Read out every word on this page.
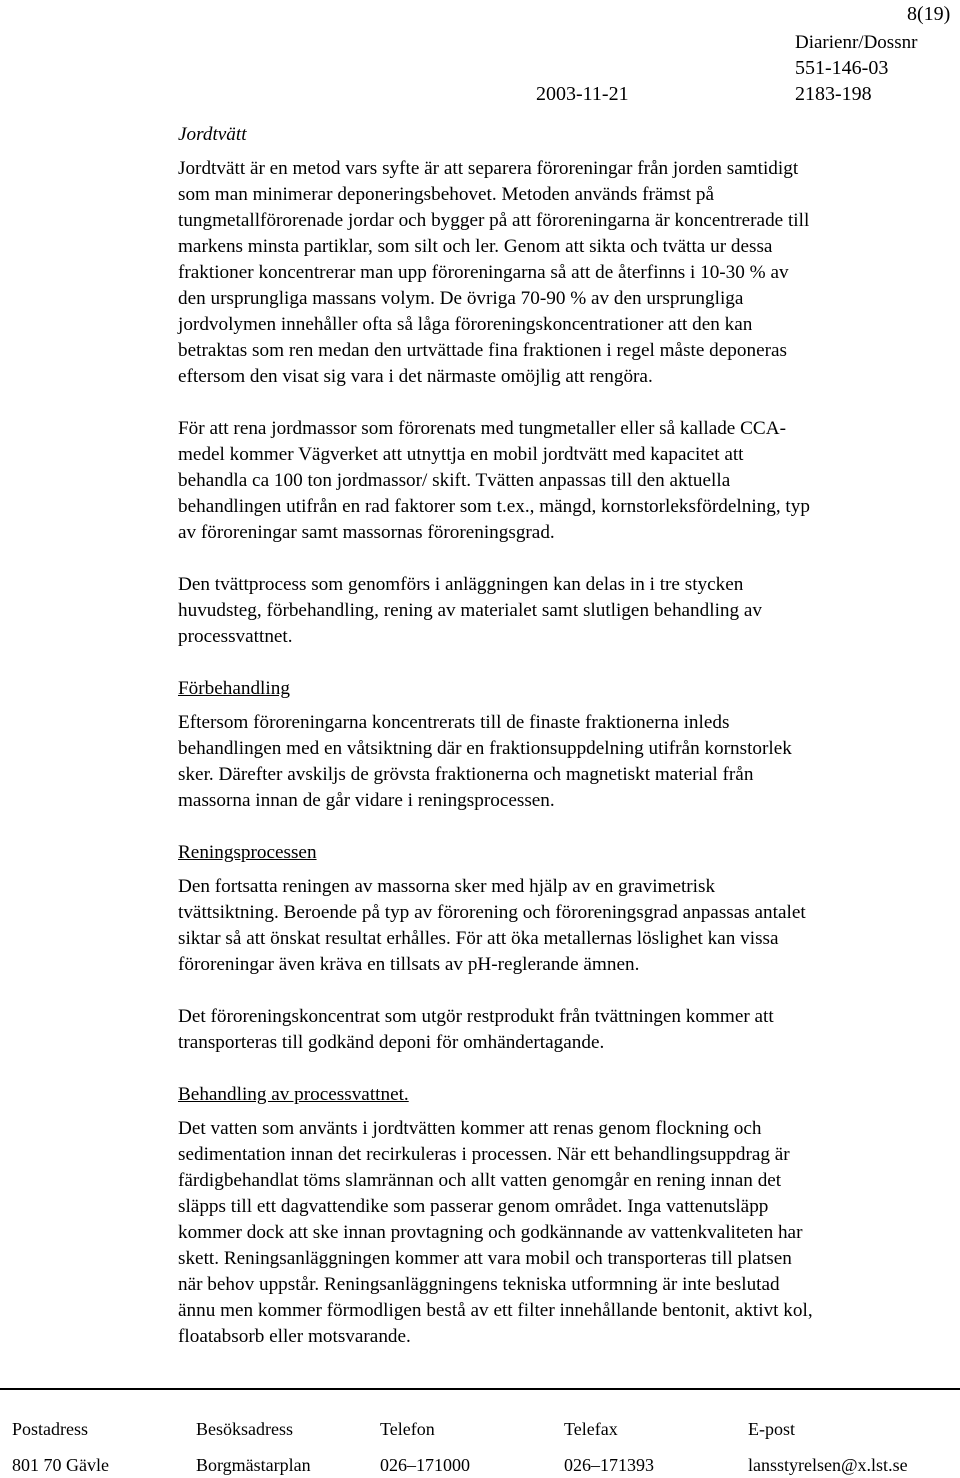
8(19)
Diarienr/Dossnr
551-146-03
2003-11-21	2183-198
Jordtvätt

Jordtvätt är en metod vars syfte är att separera föroreningar från jorden samtidigt
som man minimerar deponeringsbehovet. Metoden används främst på
tungmetallförorenade jordar och bygger på att föroreningarna är koncentrerade till
markens minsta partiklar, som silt och ler. Genom att sikta och tvätta ur dessa
fraktioner koncentrerar man upp föroreningarna så att de återfinns i 10-30 % av
den ursprungliga massans volym. De övriga 70-90 % av den ursprungliga
jordvolymen innehåller ofta så låga föroreningskoncentrationer att den kan
betraktas som ren medan den urtvättade fina fraktionen i regel måste deponeras
eftersom den visat sig vara i det närmaste omöjlig att rengöra.

För att rena jordmassor som förorenats med tungmetaller eller så kallade CCA-
medel kommer Vägverket att utnyttja en mobil jordtvätt med kapacitet att
behandla ca 100 ton jordmassor/ skift. Tvätten anpassas till den aktuella
behandlingen utifrån en rad faktorer som t.ex., mängd, kornstorleksfördelning, typ
av föroreningar samt massornas föroreningsgrad.

Den tvättprocess som genomförs i anläggningen kan delas in i tre stycken
huvudsteg, förbehandling, rening av materialet samt slutligen behandling av
processvattnet.

Förbehandling

Eftersom föroreningarna koncentrerats till de finaste fraktionerna inleds
behandlingen med en våtsiktning där en fraktionsuppdelning utifrån kornstorlek
sker. Därefter avskiljs de grövsta fraktionerna och magnetiskt material från
massorna innan de går vidare i reningsprocessen.

Reningsprocessen

Den fortsatta reningen av massorna sker med hjälp av en gravimetrisk
tvättsiktning. Beroende på typ av förorening och föroreningsgrad anpassas antalet
siktar så att önskat resultat erhålles. För att öka metallernas löslighet kan vissa
föroreningar även kräva en tillsats av pH-reglerande ämnen.

Det föroreningskoncentrat som utgör restprodukt från tvättningen kommer att
transporteras till godkänd deponi för omhändertagande.

Behandling av processvattnet.

Det vatten som använts i jordtvätten kommer att renas genom flockning och
sedimentation innan det recirkuleras i processen. När ett behandlingsuppdrag är
färdigbehandlat töms slamrännan och allt vatten genomgår en rening innan det
släpps till ett dagvattendike som passerar genom området. Inga vattenutsläpp
kommer dock att ske innan provtagning och godkännande av vattenkvaliteten har
skett. Reningsanläggningen kommer att vara mobil och transporteras till platsen
när behov uppstår. Reningsanläggningens tekniska utformning är inte beslutad
ännu men kommer förmodligen bestå av ett filter innehållande bentonit, aktivt kol,
floatabsorb eller motsvarande.

Postadress	Besöksadress	Telefon	Telefax	E-post
801 70 Gävle	Borgmästarplan	026–171000	026–171393	lansstyrelsen@x.lst.se
